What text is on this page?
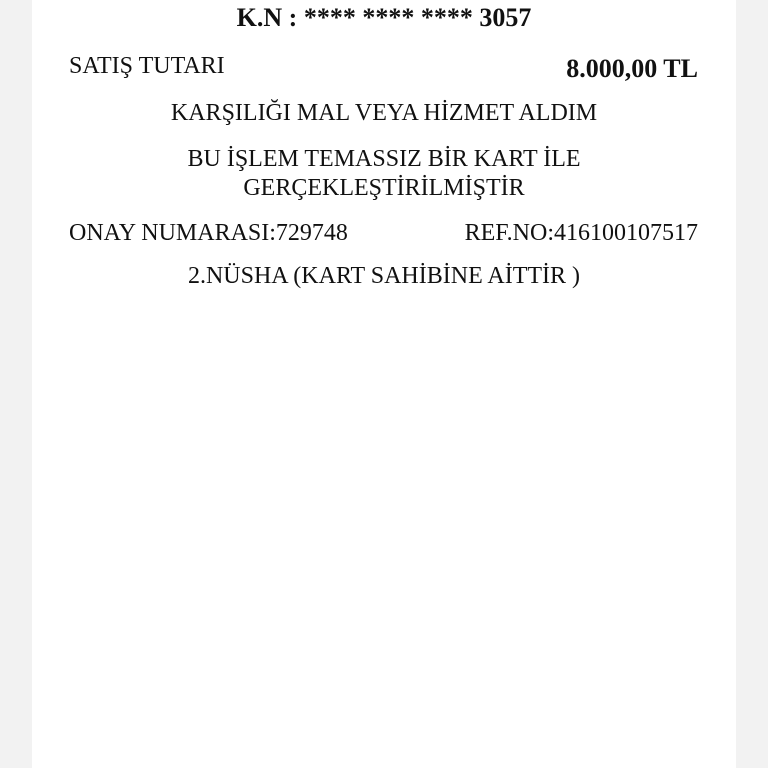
K.N : **** **** **** 3057
SATIŞ TUTARI	8.000,00 TL
KARŞILIĞI MAL VEYA HİZMET ALDIM
BU İŞLEM TEMASSIZ BİR KART İLE
GERÇEKLEŞTİRİLMİŞTİR
ONAY NUMARASI:729748	REF.NO:416100107517
2.NÜSHA (KART SAHİBİNE AİTTİR )
